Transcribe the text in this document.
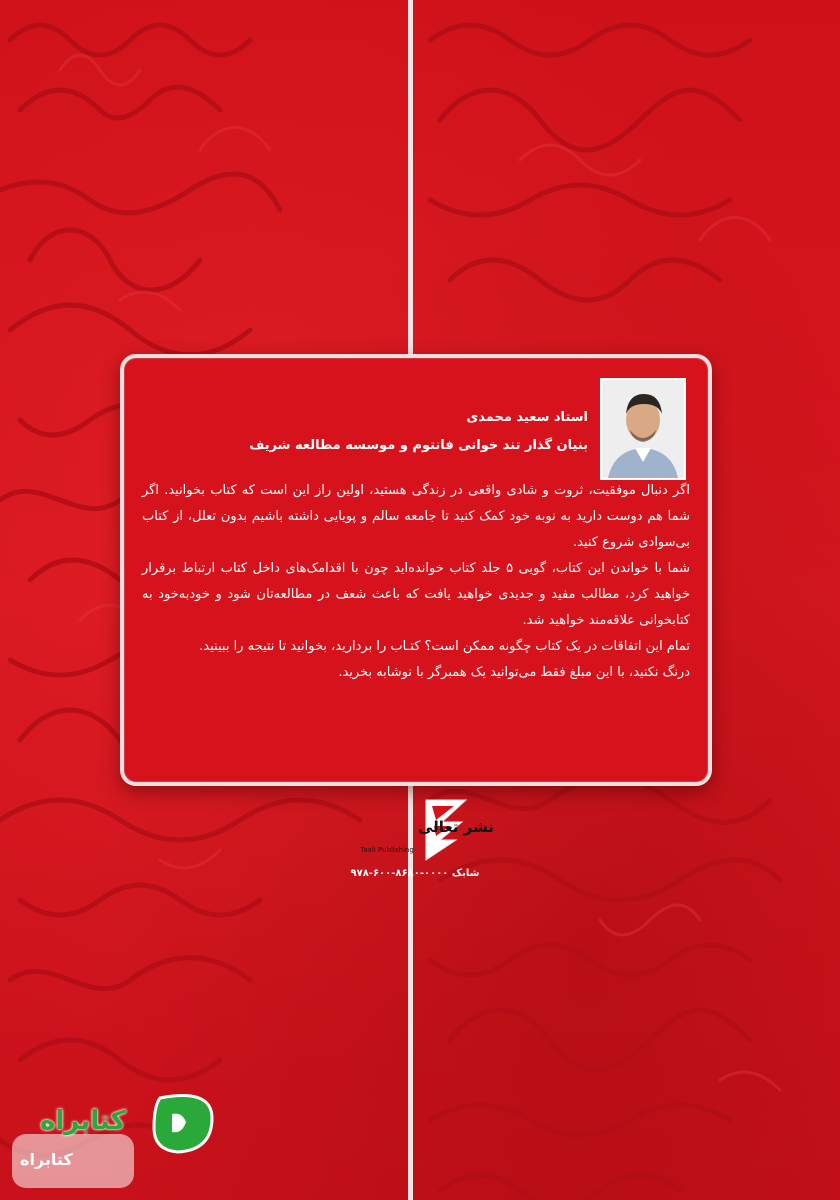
استاد سعید محمدی
بنیان گذار تند خوانی فانتوم و موسسه مطالعه شریف

اگر دنبال موفقیت، ثروت و شادی واقعی در زندگی هستید، اولین راز این است که کتاب بخوانید. اگر شما هم دوست دارید به نوبه خود کمک کنید تا جامعه سالم و پویایی داشته باشیم بدون تعلل، از کتاب بی‌سوادی شروع کنید.

شما با خواندن این کتاب، گویی ۵ جلد کتاب خوانده‌اید چون با اقدامک‌های داخل کتاب ارتباط برقرار خواهید کرد، مطالب مفید و جدیدی خواهید یافت که باعث شعف در مطالعه‌تان شود و خودبه‌خود به کتابخوانی علاقه‌مند خواهید شد.

تمام این اتفاقات در یک کتاب چگونه ممکن است؟ کتـاب را بردارید، بخوانید تا نتیجه را ببینید.

درنگ نکنید، با این مبلغ فقط می‌توانید یک همبرگر با نوشابه بخرید.

نشر تعالی
Taali Publishing
شابک ۰۰۰۰-۸۶۸۰-۶۰۰-۹۷۸
کتابراه
کتابراه
